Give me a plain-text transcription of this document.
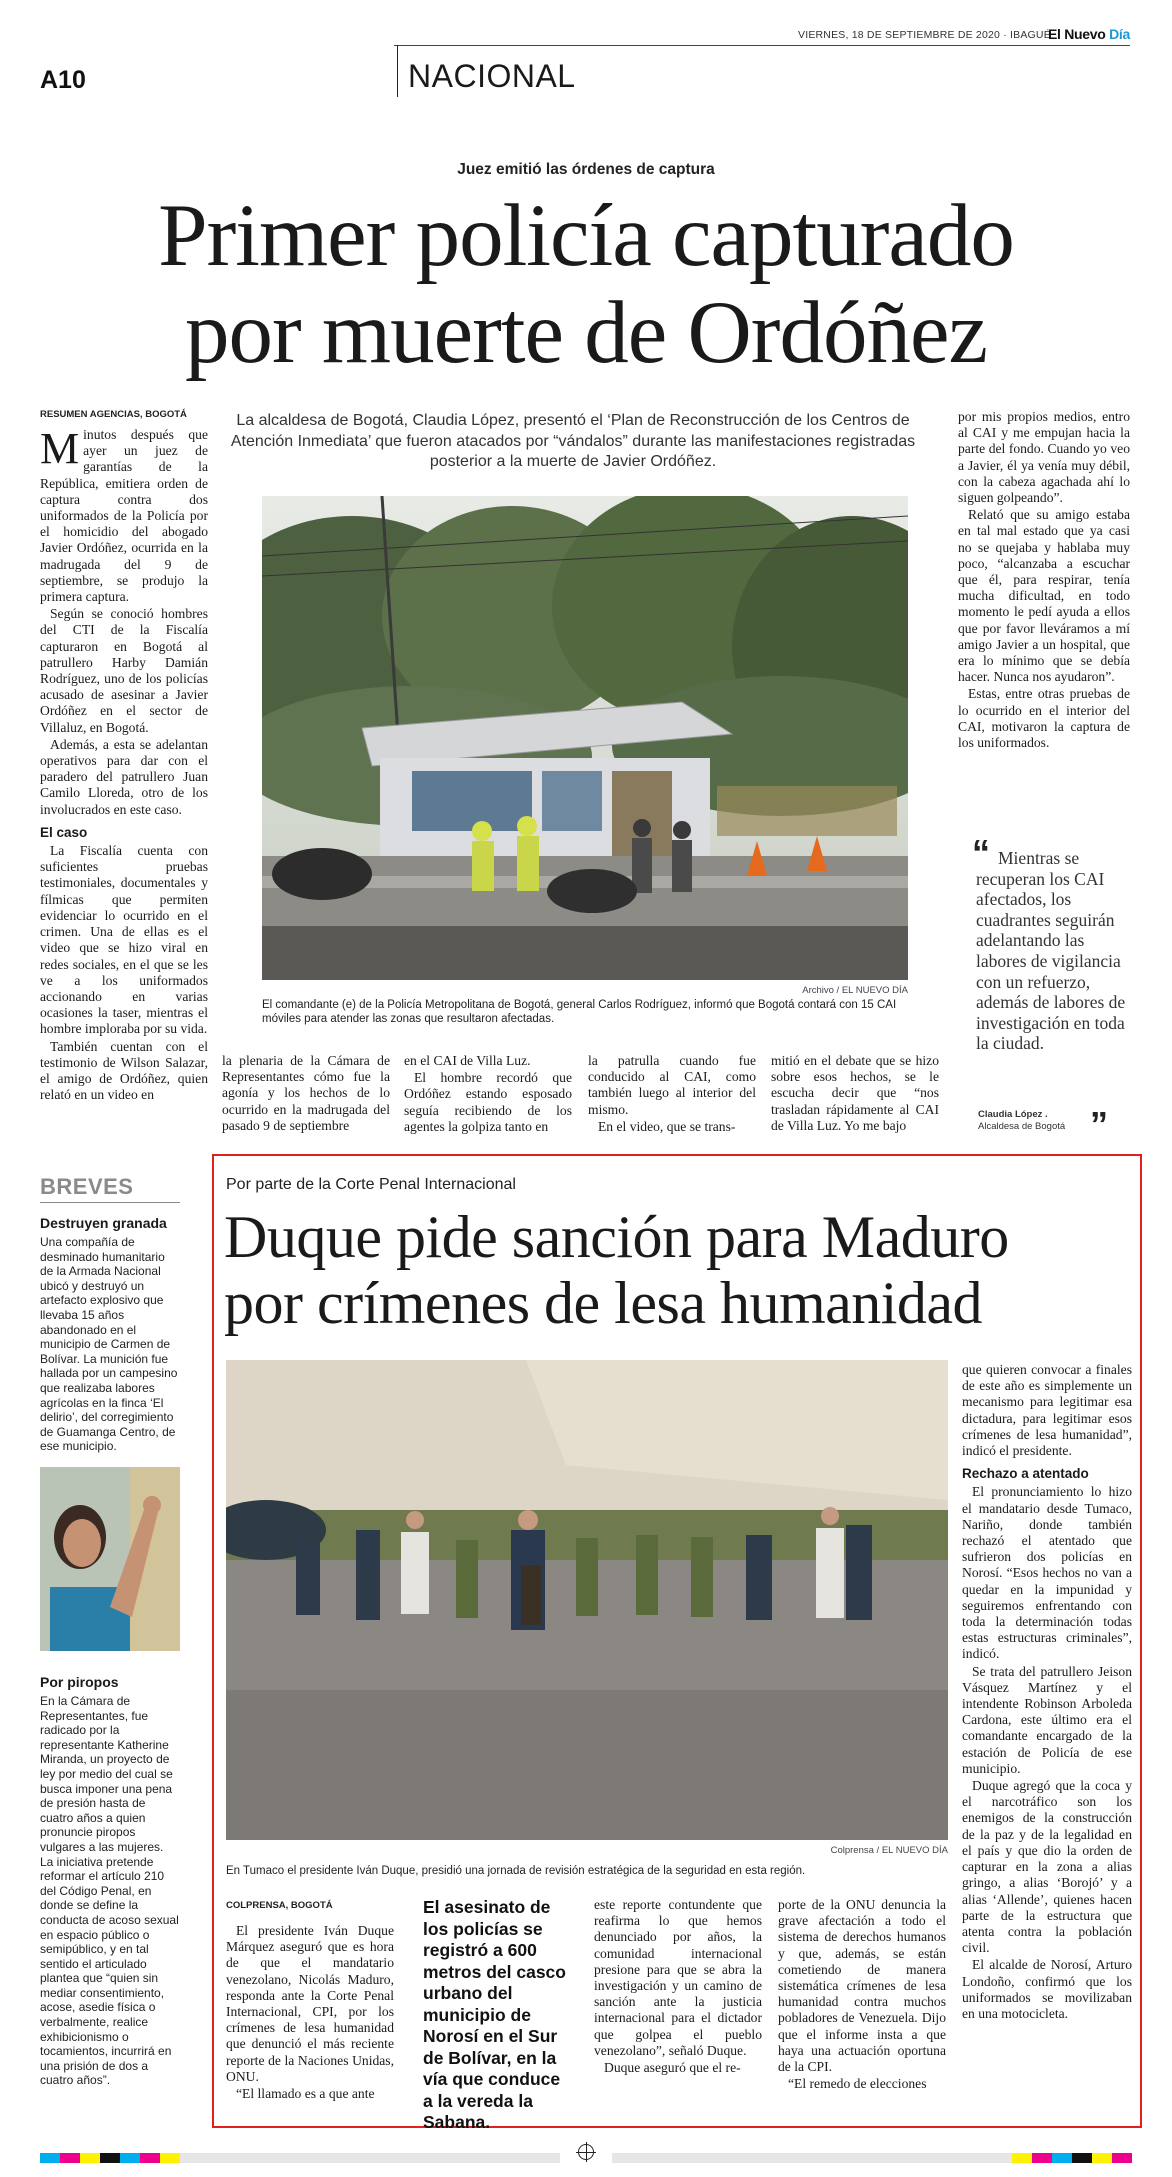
VIERNES, 18 DE SEPTIEMBRE DE 2020 · IBAGUÉ
El Nuevo Día
A10	NACIONAL
Juez emitió las órdenes de captura
Primer policía capturado
por muerte de Ordóñez
RESUMEN AGENCIAS, BOGOTÁ

Minutos después que ayer un juez de garantías de la República, emitiera orden de captura contra dos uniformados de la Policía por el homicidio del abogado Javier Ordóñez, ocurrida en la madrugada del 9 de septiembre, se produjo la primera captura.

Según se conoció hombres del CTI de la Fiscalía capturaron en Bogotá al patrullero Harby Damián Rodríguez, uno de los policías acusado de asesinar a Javier Ordóñez en el sector de Villaluz, en Bogotá.

Además, a esta se adelantan operativos para dar con el paradero del patrullero Juan Camilo Lloreda, otro de los involucrados en este caso.

El caso

La Fiscalía cuenta con suficientes pruebas testimoniales, documentales y fílmicas que permiten evidenciar lo ocurrido en el crimen. Una de ellas es el video que se hizo viral en redes sociales, en el que se les ve a los uniformados accionando en varias ocasiones la taser, mientras el hombre imploraba por su vida.

También cuentan con el testimonio de Wilson Salazar, el amigo de Ordóñez, quien relató en un video en

La alcaldesa de Bogotá, Claudia López, presentó el ‘Plan de Reconstrucción de los Centros de Atención Inmediata’ que fueron atacados por “vándalos” durante las manifestaciones registradas posterior a la muerte de Javier Ordóñez.
Archivo / EL NUEVO DÍA
El comandante (e) de la Policía Metropolitana de Bogotá, general Carlos Rodríguez, informó que Bogotá contará con 15 CAI móviles para atender las zonas que resultaron afectadas.

la plenaria de la Cámara de Representantes cómo fue la agonía y los hechos de lo ocurrido en la madrugada del pasado 9 de septiembre

en el CAI de Villa Luz.

El hombre recordó que Ordóñez estando esposado seguía recibiendo de los agentes la golpiza tanto en

la patrulla cuando fue conducido al CAI, como también luego al interior del mismo.

En el video, que se trans-

mitió en el debate que se hizo sobre esos hechos, se le escucha decir que “nos trasladan rápidamente al CAI de Villa Luz. Yo me bajo

por mis propios medios, entro al CAI y me empujan hacia la parte del fondo. Cuando yo veo a Javier, él ya venía muy débil, con la cabeza agachada ahí lo siguen golpeando”.

Relató que su amigo estaba en tal mal estado que ya casi no se quejaba y hablaba muy poco, “alcanzaba a escuchar que él, para respirar, tenía mucha dificultad, en todo momento le pedí ayuda a ellos que por favor lleváramos a mí amigo Javier a un hospital, que era lo mínimo que se debía hacer. Nunca nos ayudaron”.

Estas, entre otras pruebas de lo ocurrido en el interior del CAI, motivaron la captura de los uniformados.

“ Mientras se recuperan los CAI afectados, los cuadrantes seguirán adelantando las labores de vigilancia con un refuerzo, además de labores de investigación en toda la ciudad.
Claudia López .
Alcaldesa de Bogotá ”
BREVES
Destruyen granada
Una compañía de desminado humanitario de la Armada Nacional ubicó y destruyó un artefacto explosivo que llevaba 15 años abandonado en el municipio de Carmen de Bolívar. La munición fue hallada por un campesino que realizaba labores agrícolas en la finca ‘El delirio’, del corregimiento de Guamanga Centro, de ese municipio.
Por piropos
En la Cámara de Representantes, fue radicado por la representante Katherine Miranda, un proyecto de ley por medio del cual se busca imponer una pena de presión hasta de cuatro años a quien pronuncie piropos vulgares a las mujeres. La iniciativa pretende reformar el artículo 210 del Código Penal, en donde se define la conducta de acoso sexual en espacio público o semipúblico, y en tal sentido el articulado plantea que “quien sin mediar consentimiento, acose, asedie física o verbalmente, realice exhibicionismo o tocamientos, incurrirá en una prisión de dos a cuatro años”.
Por parte de la Corte Penal Internacional
Duque pide sanción para Maduro
por crímenes de lesa humanidad
Colprensa / EL NUEVO DÍA
En Tumaco el presidente Iván Duque, presidió una jornada de revisión estratégica de la seguridad en esta región.
COLPRENSA, BOGOTÁ

El presidente Iván Duque Márquez aseguró que es hora de que el mandatario venezolano, Nicolás Maduro, responda ante la Corte Penal Internacional, CPI, por los crímenes de lesa humanidad que denunció el más reciente reporte de la Naciones Unidas, ONU.

“El llamado es a que ante

El asesinato de los policías se registró a 600 metros del casco urbano del municipio de Norosí en el Sur de Bolívar, en la vía que conduce a la vereda la Sabana.

este reporte contundente que reafirma lo que hemos denunciado por años, la comunidad internacional presione para que se abra la investigación y un camino de sanción ante la justicia internacional para el dictador que golpea el pueblo venezolano”, señaló Duque.

Duque aseguró que el re-

porte de la ONU denuncia la grave afectación a todo el sistema de derechos humanos y que, además, se están cometiendo de manera sistemática crímenes de lesa humanidad contra muchos pobladores de Venezuela. Dijo que el informe insta a que haya una actuación oportuna de la CPI.

“El remedo de elecciones

que quieren convocar a finales de este año es simplemente un mecanismo para legitimar esa dictadura, para legitimar esos crímenes de lesa humanidad”, indicó el presidente.

Rechazo a atentado

El pronunciamiento lo hizo el mandatario desde Tumaco, Nariño, donde también rechazó el atentado que sufrieron dos policías en Norosí. “Esos hechos no van a quedar en la impunidad y seguiremos enfrentando con toda la determinación todas estas estructuras criminales”, indicó.

Se trata del patrullero Jeison Vásquez Martínez y el intendente Robinson Arboleda Cardona, este último era el comandante encargado de la estación de Policía de ese municipio.

Duque agregó que la coca y el narcotráfico son los enemigos de la construcción de la paz y de la legalidad en el país y que dio la orden de capturar en la zona a alias gringo, a alias ‘Borojó’ y a alias ‘Allende’, quienes hacen parte de la estructura que atenta contra la población civil.

El alcalde de Norosí, Arturo Londoño, confirmó que los uniformados se movilizaban en una motocicleta.
